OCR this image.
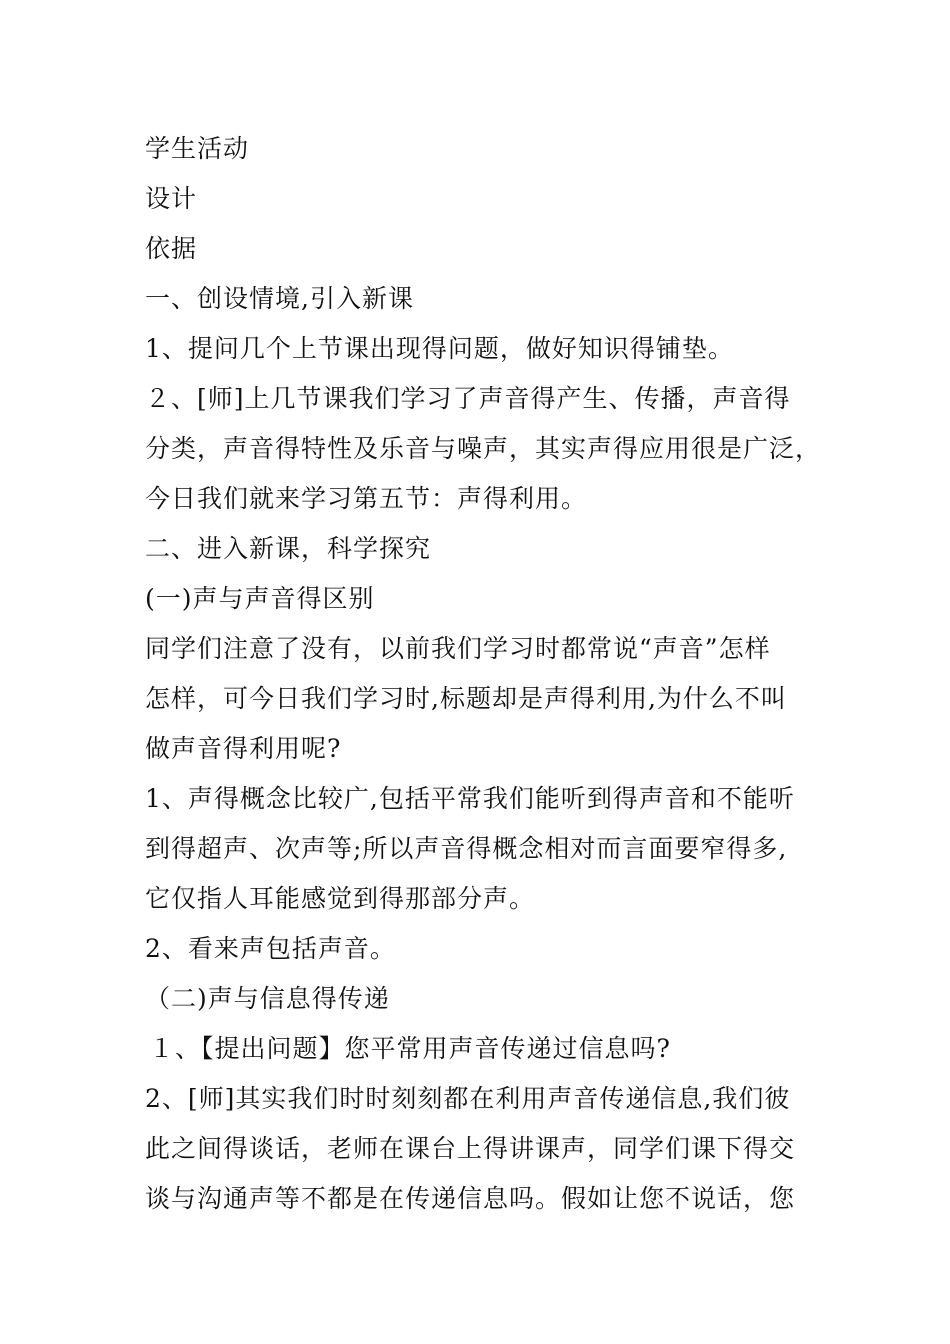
学生活动
设计
依据
一、创设情境,引入新课
1、提问几个上节课出现得问题，做好知识得铺垫。
２、[师]上几节课我们学习了声音得产生、传播，声音得
分类，声音得特性及乐音与噪声，其实声得应用很是广泛，
今日我们就来学习第五节：声得利用。
二、进入新课，科学探究
(一)声与声音得区别
同学们注意了没有，以前我们学习时都常说“声音”怎样
怎样，可今日我们学习时,标题却是声得利用,为什么不叫
做声音得利用呢?
1、声得概念比较广,包括平常我们能听到得声音和不能听
到得超声、次声等;所以声音得概念相对而言面要窄得多,
它仅指人耳能感觉到得那部分声。
2、看来声包括声音。
（二)声与信息得传递
１、【提出问题】您平常用声音传递过信息吗?
2、[师]其实我们时时刻刻都在利用声音传递信息,我们彼
此之间得谈话，老师在课台上得讲课声，同学们课下得交
谈与沟通声等不都是在传递信息吗。假如让您不说话，您
